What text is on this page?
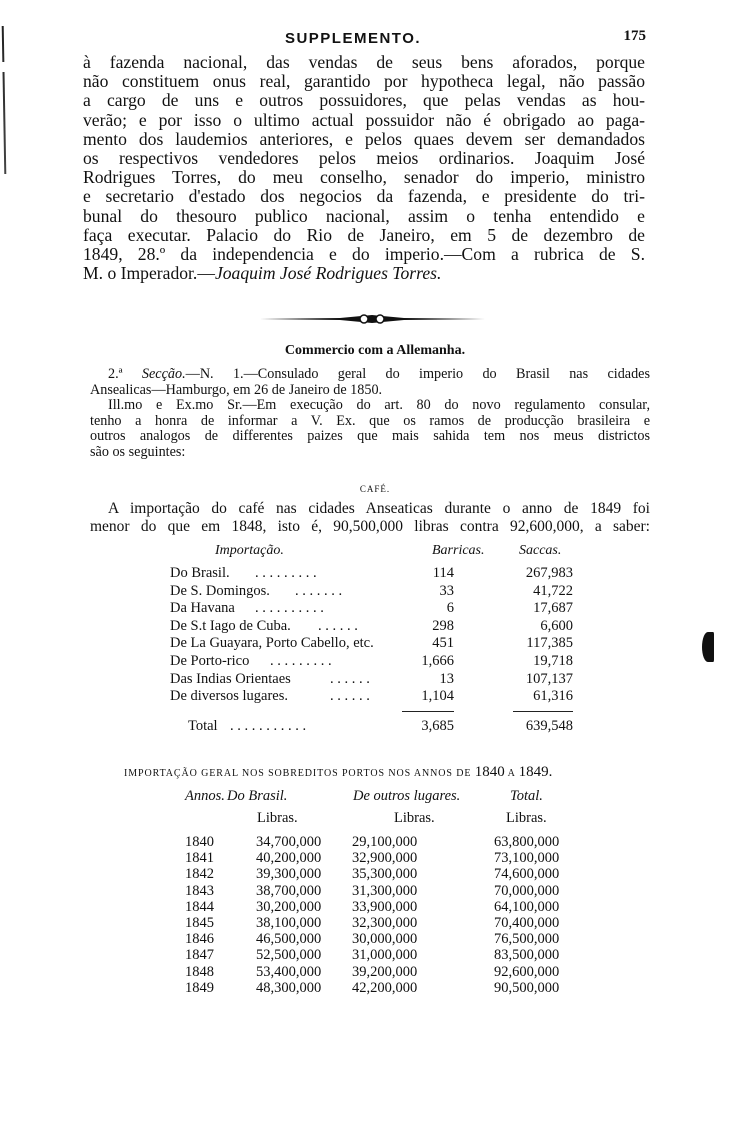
SUPPLEMENTO.	175
à fazenda nacional, das vendas de seus bens aforados, porque
não constituem onus real, garantido por hypotheca legal, não passão
a cargo de uns e outros possuidores, que pelas vendas as hou-
verão; e por isso o ultimo actual possuidor não é obrigado ao paga-
mento dos laudemios anteriores, e pelos quaes devem ser demandados
os respectivos vendedores pelos meios ordinarios. Joaquim José
Rodrigues Torres, do meu conselho, senador do imperio, ministro
e secretario d'estado dos negocios da fazenda, e presidente do tri-
bunal do thesouro publico nacional, assim o tenha entendido e
faça executar. Palacio do Rio de Janeiro, em 5 de dezembro de
1849, 28.º da independencia e do imperio.—Com a rubrica de S.
M. o Imperador.—Joaquim José Rodrigues Torres.
Commercio com a Allemanha.
2.ª Secção.—N. 1.—Consulado geral do imperio do Brasil nas cidades
Ansealicas—Hamburgo, em 26 de Janeiro de 1850.
Ill.mo e Ex.mo Sr.—Em execução do art. 80 do novo regulamento consular,
tenho a honra de informar a V. Ex. que os ramos de producção brasileira e
outros analogos de differentes paizes que mais sahida tem nos meus districtos
são os seguintes:
CAFÉ.
A importação do café nas cidades Anseaticas durante o anno de 1849 foi
menor do que em 1848, isto é, 90,500,000 libras contra 92,600,000, a saber:
Importação.	Barricas. Saccas.
Do Brasil. . . . . . . . . .	114	267,983
De S. Domingos. . . . . . . .	33	41,722
Da Havana . . . . . . . . . .	6	17,687
De S.t Iago de Cuba. . . . . . .	298	6,600
De La Guayara, Porto Cabello, etc.	451	117,385
De Porto-rico . . . . . . . . .	1,666	19,718
Das Indias Orientaes	. . . . . .	13	107,137
De diversos lugares.	. . . . . .	1,104	61,316
Total . . . . . . . . . . .	3,685	639,548
IMPORTAÇÃO GERAL NOS SOBREDITOS PORTOS NOS ANNOS DE 1840 A 1849.
Annos. Do Brasil.	De outros lugares.	Total.
Libras.	Libras.	Libras.
1840	34,700,000 29,100,000	63,800,000
1841	40,200,000 32,900,000	73,100,000
1842	39,300,000 35,300,000	74,600,000
1843	38,700,000 31,300,000	70,000,000
1844	30,200,000 33,900,000	64,100,000
1845	38,100,000 32,300,000	70,400,000
1846	46,500,000 30,000,000	76,500,000
1847	52,500,000 31,000,000	83,500,000
1848	53,400,000 39,200,000	92,600,000
1849	48,300,000 42,200,000	90,500,000
